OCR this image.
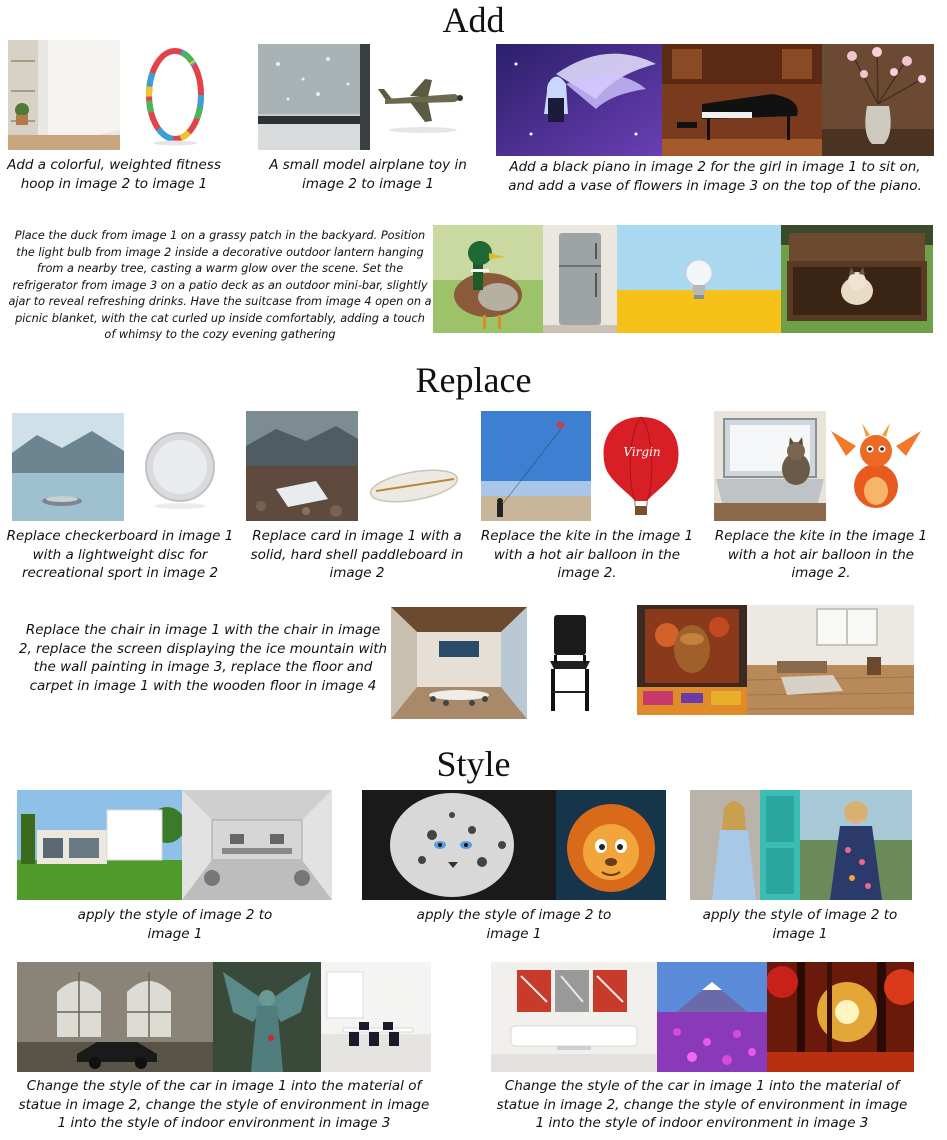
Add
Add a colorful, weighted fitness hoop in image 2 to image 1
A small model airplane toy in image 2 to image 1
Add a black piano in image 2 for the girl in image 1 to sit on, and add a vase of flowers in image 3 on the top of the piano.
Place the duck from image 1 on a grassy patch in the backyard. Position the light bulb from image 2 inside a decorative outdoor lantern hanging from a nearby tree, casting a warm glow over the scene. Set the refrigerator from image 3 on a patio deck as an outdoor mini-bar, slightly ajar to reveal refreshing drinks. Have the suitcase from image 4 open on a picnic blanket, with the cat curled up inside comfortably, adding a touch of whimsy to the cozy evening gathering
Replace
Replace checkerboard in image 1 with a lightweight disc for recreational sport in image 2
Replace card in image 1 with a solid, hard shell paddleboard in image 2
Virgin
Replace the kite in the image 1 with a hot air balloon in the image 2.
Replace the kite in the image 1 with a hot air balloon in the image 2.
Replace the chair in image 1 with the chair in image 2, replace the screen displaying the ice mountain with the wall painting in image 3, replace the floor and carpet in image 1 with the wooden floor in image 4
Style
apply the style of image 2 to image 1
apply the style of image 2 to image 1
apply the style of image 2 to image 1
Change the style of the car in image 1 into the material of statue in image 2, change the style of environment in image 1 into the style of indoor environment in image 3
Change the style of the car in image 1 into the material of statue in image 2, change the style of environment in image 1 into the style of indoor environment in image 3
